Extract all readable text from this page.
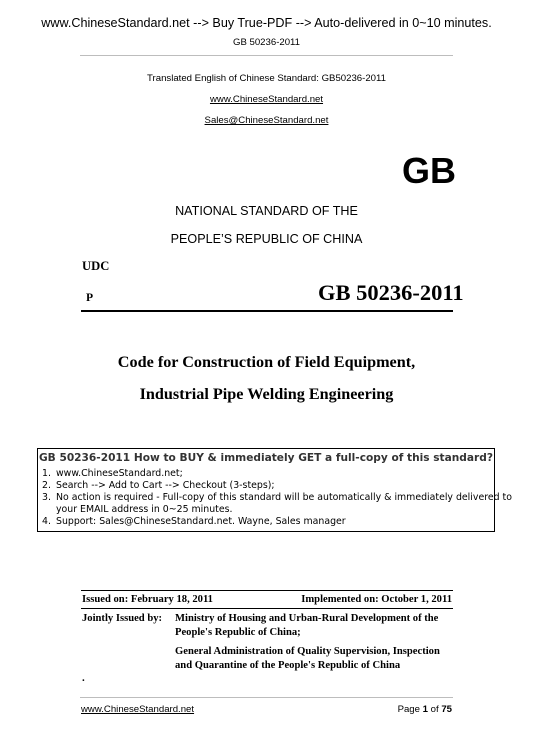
www.ChineseStandard.net --> Buy True-PDF --> Auto-delivered in 0~10 minutes.
GB 50236-2011
Translated English of Chinese Standard: GB50236-2011
www.ChineseStandard.net
Sales@ChineseStandard.net
GB
NATIONAL STANDARD OF THE
PEOPLE’S REPUBLIC OF CHINA
UDC
P	GB 50236-2011
Code for Construction of Field Equipment,
Industrial Pipe Welding Engineering
GB 50236-2011 How to BUY & immediately GET a full-copy of this standard?
1. www.ChineseStandard.net;
2. Search --> Add to Cart --> Checkout (3-steps);
3. No action is required - Full-copy of this standard will be automatically & immediately delivered to
your EMAIL address in 0~25 minutes.
4. Support: Sales@ChineseStandard.net. Wayne, Sales manager
Issued on: February 18, 2011	Implemented on: October 1, 2011
Jointly Issued by: Ministry of Housing and Urban-Rural Development of the
People's Republic of China;
General Administration of Quality Supervision, Inspection
and Quarantine of the People's Republic of China
.
www.ChineseStandard.net	Page 1 of 75
